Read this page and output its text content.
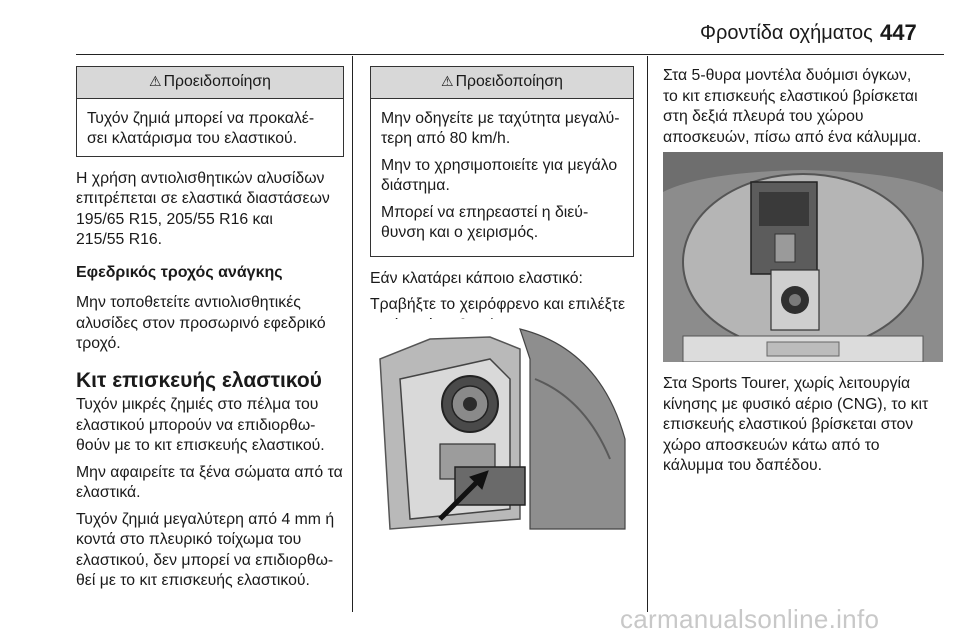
Φροντίδα οχήματος 447
⚠ Προειδοποίηση
Τυχόν ζημιά μπορεί να προκαλέ-
σει κλατάρισμα του ελαστικού.

Η χρήση αντιολισθητικών αλυσίδων
επιτρέπεται σε ελαστικά διαστάσεων
195/65 R15, 205/55 R16 και
215/55 R16.

Εφεδρικός τροχός ανάγκης

Μην τοποθετείτε αντιολισθητικές
αλυσίδες στον προσωρινό εφεδρικό
τροχό.

Κιτ επισκευής ελαστικού

Τυχόν μικρές ζημιές στο πέλμα του
ελαστικού μπορούν να επιδιορθω-
θούν με το κιτ επισκευής ελαστικού.

Μην αφαιρείτε τα ξένα σώματα από τα
ελαστικά.

Τυχόν ζημιά μεγαλύτερη από 4 mm ή
κοντά στο πλευρικό τοίχωμα του
ελαστικού, δεν μπορεί να επιδιορθω-
θεί με το κιτ επισκευής ελαστικού.

⚠ Προειδοποίηση

Μην οδηγείτε με ταχύτητα μεγαλύ-
τερη από 80 km/h.

Μην το χρησιμοποιείτε για μεγάλο
διάστημα.

Μπορεί να επηρεαστεί η διεύ-
θυνση και ο χειρισμός.

Εάν κλατάρει κάποιο ελαστικό:

Τραβήξτε το χειρόφρενο και επιλέξτε

Στα 5-θυρα μοντέλα δυόμισι όγκων,
το κιτ επισκευής ελαστικού βρίσκεται
στη δεξιά πλευρά του χώρου
αποσκευών, πίσω από ένα κάλυμμα.

Στα Sports Tourer, χωρίς λειτουργία
κίνησης με φυσικό αέριο (CNG), το κιτ
επισκευής ελαστικού βρίσκεται στον
χώρο αποσκευών κάτω από το
κάλυμμα του δαπέδου.

carmanualsonline.info
